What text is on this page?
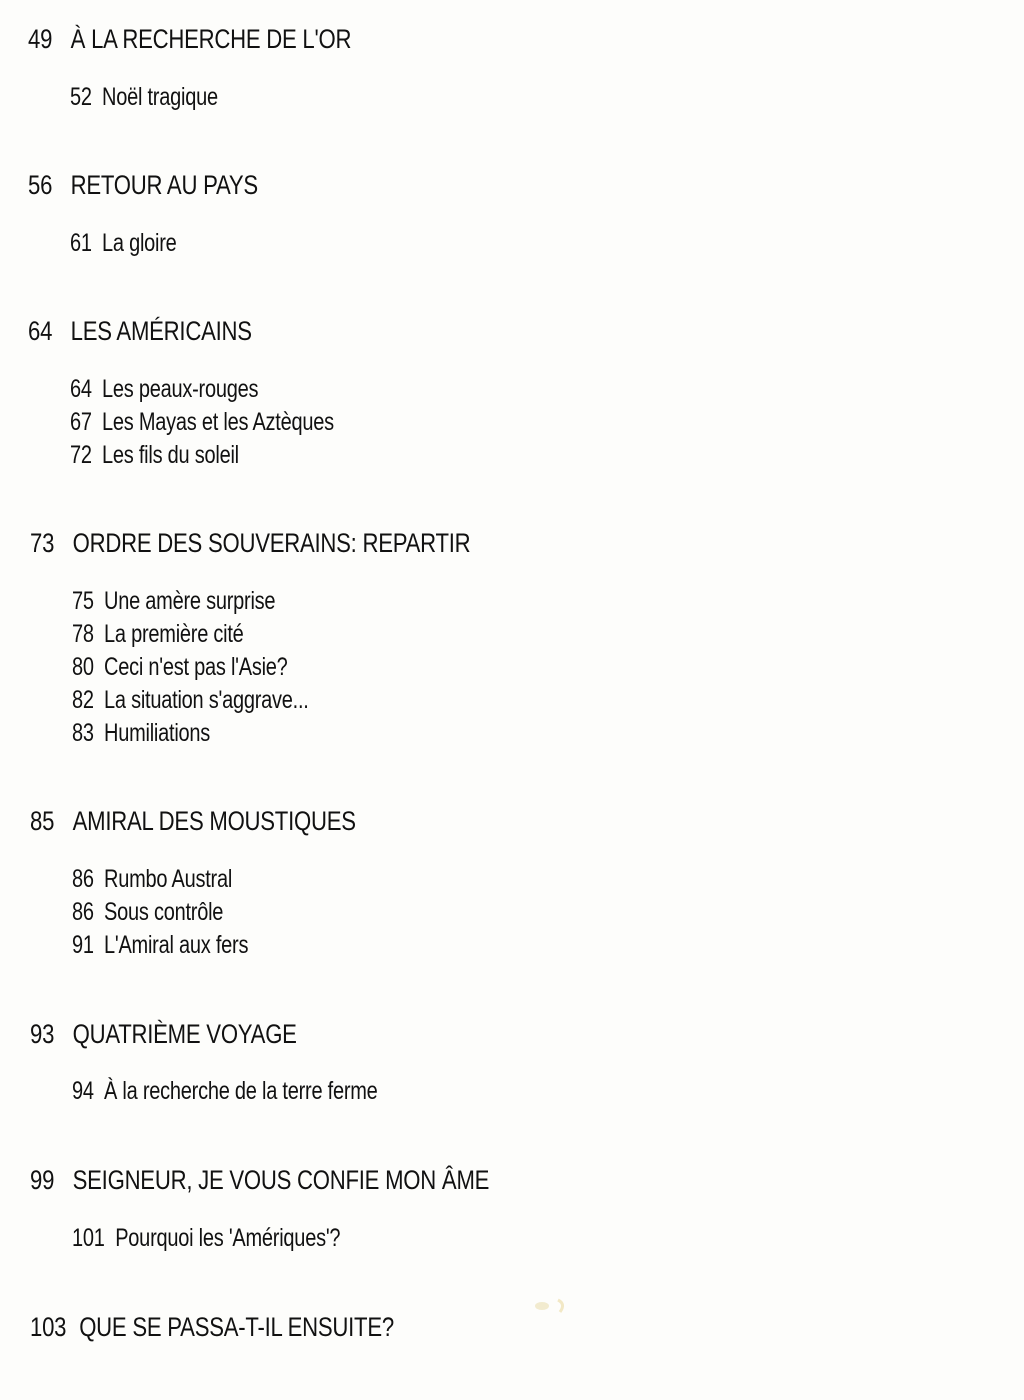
49 À LA RECHERCHE DE L'OR
52 Noël tragique
56 RETOUR AU PAYS
61 La gloire
64 LES AMÉRICAINS
64 Les peaux-rouges
67 Les Mayas et les Aztèques
72 Les fils du soleil
73 ORDRE DES SOUVERAINS: REPARTIR
75 Une amère surprise
78 La première cité
80 Ceci n'est pas l'Asie?
82 La situation s'aggrave...
83 Humiliations
85 AMIRAL DES MOUSTIQUES
86 Rumbo Austral
86 Sous contrôle
91 L'Amiral aux fers
93 QUATRIÈME VOYAGE
94 À la recherche de la terre ferme
99 SEIGNEUR, JE VOUS CONFIE MON ÂME
101 Pourquoi les 'Amériques'?
103 QUE SE PASSA-T-IL ENSUITE?
